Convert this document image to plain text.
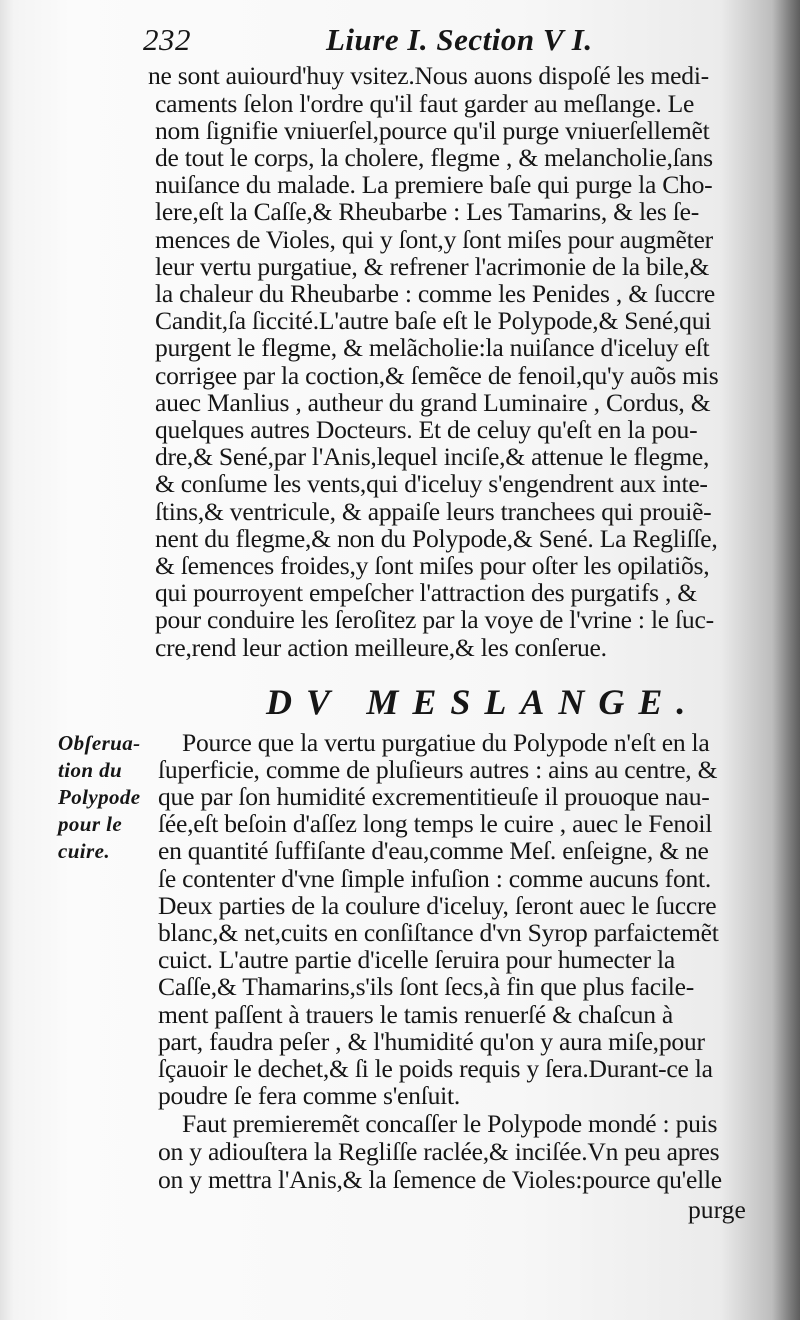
232	Liure I. Section V I.
ne sont auiourd'huy vsitez.Nous auons dispoſé les medi-
caments ſelon l'ordre qu'il faut garder au meſlange. Le
nom ſignifie vniuerſel,pource qu'il purge vniuerſellemẽt
de tout le corps, la cholere, flegme , & melancholie,ſans
nuiſance du malade. La premiere baſe qui purge la Cho-
lere,eſt la Caſſe,& Rheubarbe : Les Tamarins, & les ſe-
mences de Violes, qui y ſont,y ſont miſes pour augmẽter
leur vertu purgatiue, & refrener l'acrimonie de la bile,&
la chaleur du Rheubarbe : comme les Penides , & ſuccre
Candit,ſa ſiccité.L'autre baſe eſt le Polypode,& Sené,qui
purgent le flegme, & melãcholie:la nuiſance d'iceluy eſt
corrigee par la coction,& ſemẽce de fenoil,qu'y auõs mis
auec Manlius , autheur du grand Luminaire , Cordus, &
quelques autres Docteurs. Et de celuy qu'eſt en la pou-
dre,& Sené,par l'Anis,lequel inciſe,& attenue le flegme,
& conſume les vents,qui d'iceluy s'engendrent aux inte-
ſtins,& ventricule, & appaiſe leurs tranchees qui prouiẽ-
nent du flegme,& non du Polypode,& Sené. La Regliſſe,
& ſemences froides,y ſont miſes pour oſter les opilatiõs,
qui pourroyent empeſcher l'attraction des purgatifs , &
pour conduire les ſeroſitez par la voye de l'vrine : le ſuc-
cre,rend leur action meilleure,& les conſerue.
DV MESLANGE.
Obſerua-
tion du
Polypode
pour le
cuire.
Pource que la vertu purgatiue du Polypode n'eſt en la
ſuperficie, comme de pluſieurs autres : ains au centre, &
que par ſon humidité excrementitieuſe il prouoque nau-
ſée,eſt beſoin d'aſſez long temps le cuire , auec le Fenoil
en quantité ſuffiſante d'eau,comme Meſ. enſeigne, & ne
ſe contenter d'vne ſimple infuſion : comme aucuns font.
Deux parties de la coulure d'iceluy, ſeront auec le ſuccre
blanc,& net,cuits en conſiſtance d'vn Syrop parfaictemẽt
cuict. L'autre partie d'icelle ſeruira pour humecter la
Caſſe,& Thamarins,s'ils ſont ſecs,à fin que plus facile-
ment paſſent à trauers le tamis renuerſé & chaſcun à
part, faudra peſer , & l'humidité qu'on y aura miſe,pour
ſçauoir le dechet,& ſi le poids requis y ſera.Durant-ce la
poudre ſe fera comme s'enſuit.
Faut premieremẽt concaſſer le Polypode mondé : puis
on y adiouſtera la Regliſſe raclée,& inciſée.Vn peu apres
on y mettra l'Anis,& la ſemence de Violes:pource qu'elle
purge
